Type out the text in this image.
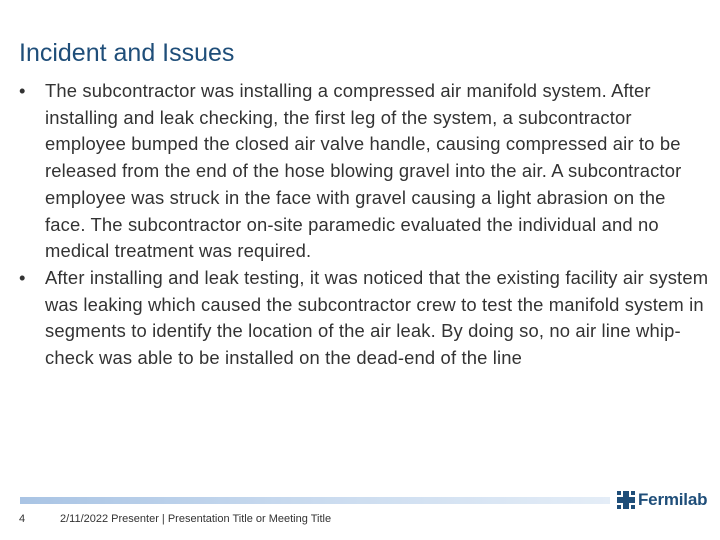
Incident and Issues
•	The subcontractor was installing a compressed air manifold system. After installing and leak checking, the first leg of the system, a subcontractor employee bumped the closed air valve handle, causing compressed air to be released from the end of the hose blowing gravel into the air. A subcontractor employee was struck in the face with gravel causing a light abrasion on the face. The subcontractor on-site paramedic evaluated the individual and no medical treatment was required.
•	After installing and leak testing, it was noticed that the existing facility air system was leaking which caused the subcontractor crew to test the manifold system in segments to identify the location of the air leak. By doing so, no air line whip-check was able to be installed on the dead-end of the line
Fermilab
4	2/11/2022 Presenter | Presentation Title or Meeting Title
